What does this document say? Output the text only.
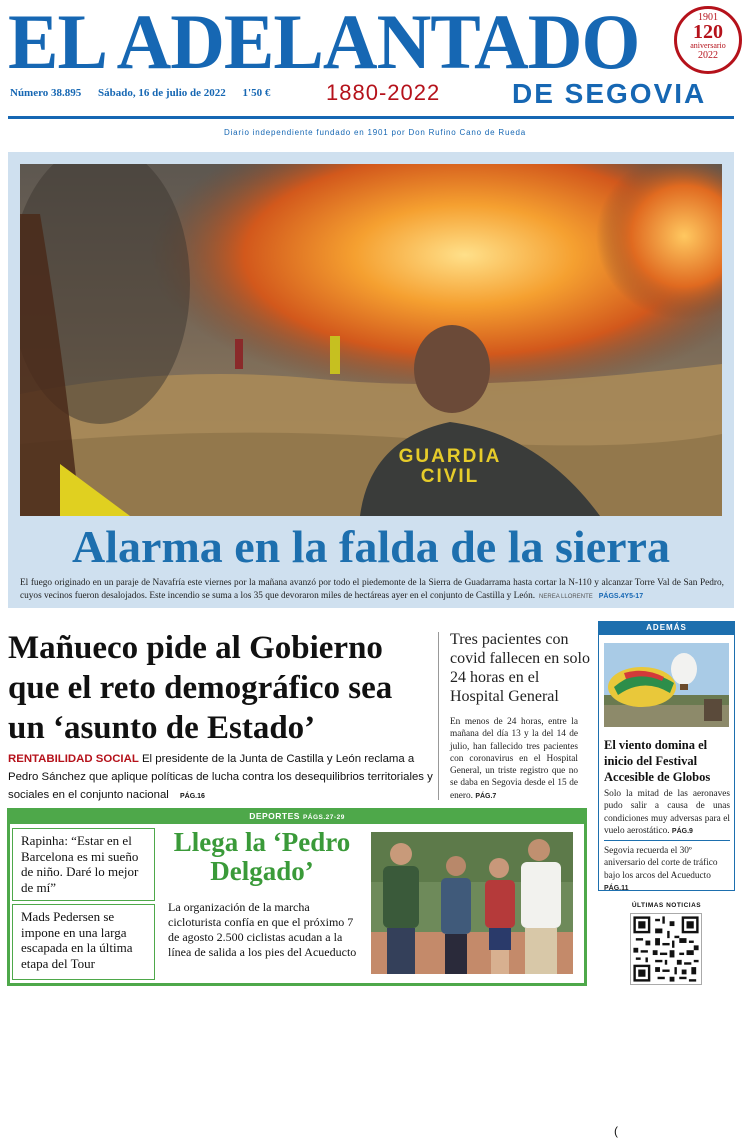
EL ADELANTADO	1901
120
aniversario
2022
Número 38.895 Sábado, 16 de julio de 2022 1'50 €	1880-2022	DE SEGOVIA
Diario independiente fundado en 1901 por Don Rufino Cano de Rueda
GUARDIA
CIVIL
Alarma en la falda de la sierra
El fuego originado en un paraje de Navafría este viernes por la mañana avanzó por todo el piedemonte de la Sierra de Guadarrama hasta cortar la N-110 y alcanzar Torre Val de San Pedro, cuyos vecinos fueron desalojados. Este incendio se suma a los 35 que devoraron miles de hectáreas ayer en el conjunto de Castilla y León. NEREA LLORENTE PÁGS.4Y5-17
Mañueco pide al Gobierno que el reto demográfico sea un ‘asunto de Estado’
RENTABILIDAD SOCIAL El presidente de la Junta de Castilla y León reclama a Pedro Sánchez que aplique políticas de lucha contra los desequilibrios territoriales y sociales en el conjunto nacional PÁG.16
Tres pacientes con covid fallecen en solo 24 horas en el Hospital General
En menos de 24 horas, entre la mañana del día 13 y la del 14 de julio, han fallecido tres pacientes con coronavirus en el Hospital General, un triste registro que no se daba en Segovia desde el 15 de enero. PÁG.7
ADEMÁS
El viento domina el inicio del Festival Accesible de Globos
Solo la mitad de las aeronaves pudo salir a causa de unas condiciones muy adversas para el vuelo aerostático. PÁG.9
Segovia recuerda el 30º aniversario del corte de tráfico bajo los arcos del Acueducto PÁG.11
ÚLTIMAS NOTICIAS
DEPORTES PÁGS.27-29
Rapinha: “Estar en el Barcelona es mi sueño de niño. Daré lo mejor de mí”
Mads Pedersen se impone en una larga escapada en la última etapa del Tour
Llega la ‘Pedro Delgado’
La organización de la marcha cicloturista confía en que el próximo 7 de agosto 2.500 ciclistas acudan a la línea de salida a los pies del Acueducto
(
